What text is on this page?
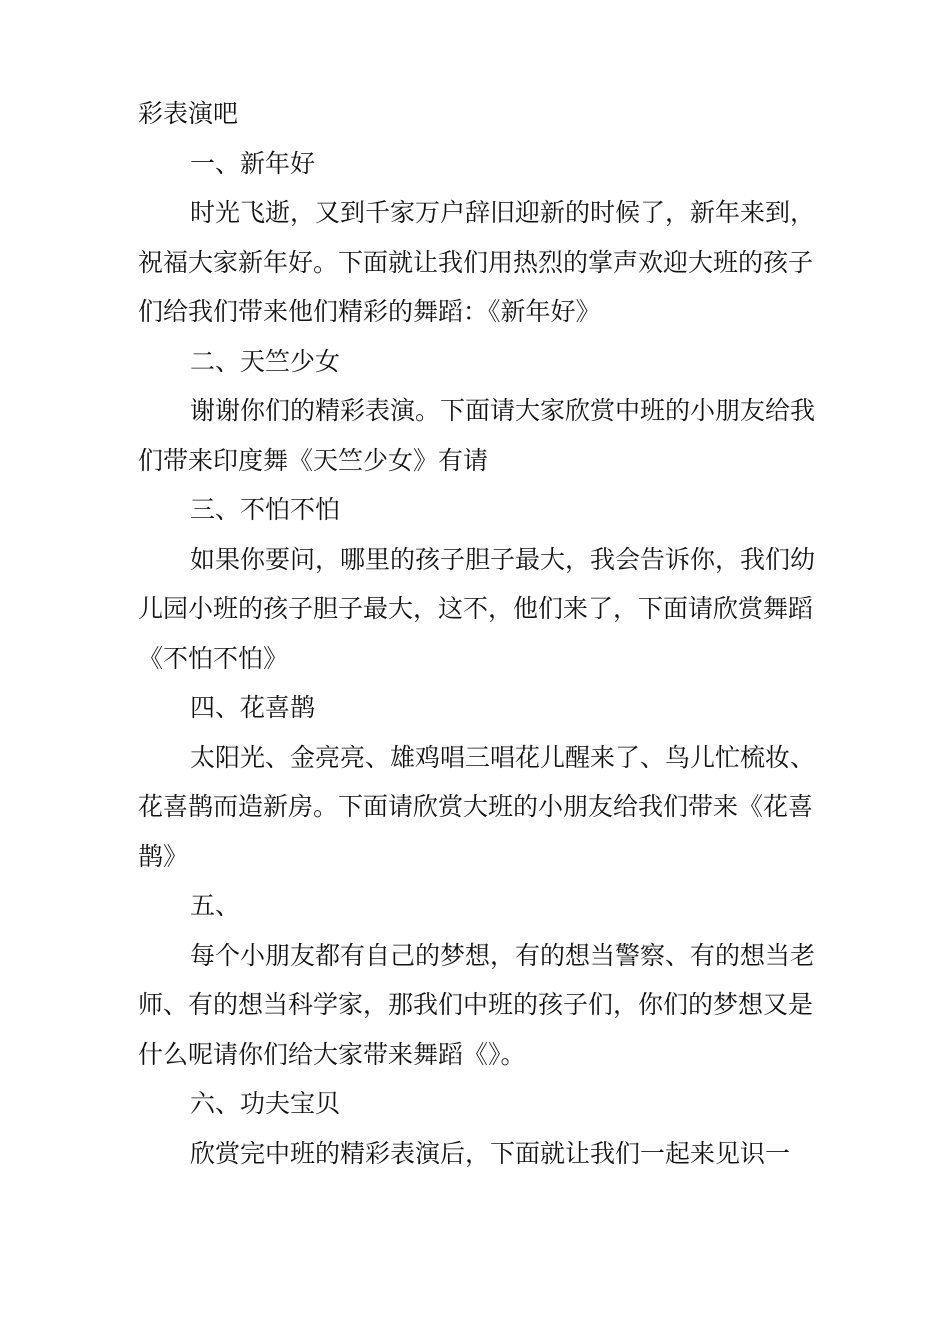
彩表演吧

一、新年好

时光飞逝，又到千家万户辞旧迎新的时候了，新年来到，祝福大家新年好。下面就让我们用热烈的掌声欢迎大班的孩子们给我们带来他们精彩的舞蹈：《新年好》

二、天竺少女

谢谢你们的精彩表演。下面请大家欣赏中班的小朋友给我们带来印度舞《天竺少女》有请

三、不怕不怕

如果你要问，哪里的孩子胆子最大，我会告诉你，我们幼儿园小班的孩子胆子最大，这不，他们来了，下面请欣赏舞蹈《不怕不怕》

四、花喜鹊

太阳光、金亮亮、雄鸡唱三唱花儿醒来了、鸟儿忙梳妆、花喜鹊而造新房。下面请欣赏大班的小朋友给我们带来《花喜鹊》

五、

每个小朋友都有自己的梦想，有的想当警察、有的想当老师、有的想当科学家，那我们中班的孩子们，你们的梦想又是什么呢请你们给大家带来舞蹈《》。

六、功夫宝贝

欣赏完中班的精彩表演后，下面就让我们一起来见识一
